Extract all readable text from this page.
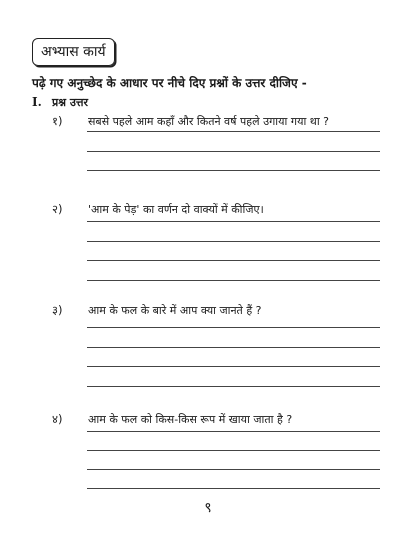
अभ्यास कार्य
पढ़े गए अनुच्छेद के आधार पर नीचे दिए प्रश्नों के उत्तर दीजिए -
I. प्रश्न उत्तर
१) सबसे पहले आम कहाँ और कितने वर्ष पहले उगाया गया था ?
२) 'आम के पेड़' का वर्णन दो वाक्यों में कीजिए।
३) आम के फल के बारे में आप क्या जानते हैं ?
४) आम के फल को किस-किस रूप में खाया जाता है ?
९
